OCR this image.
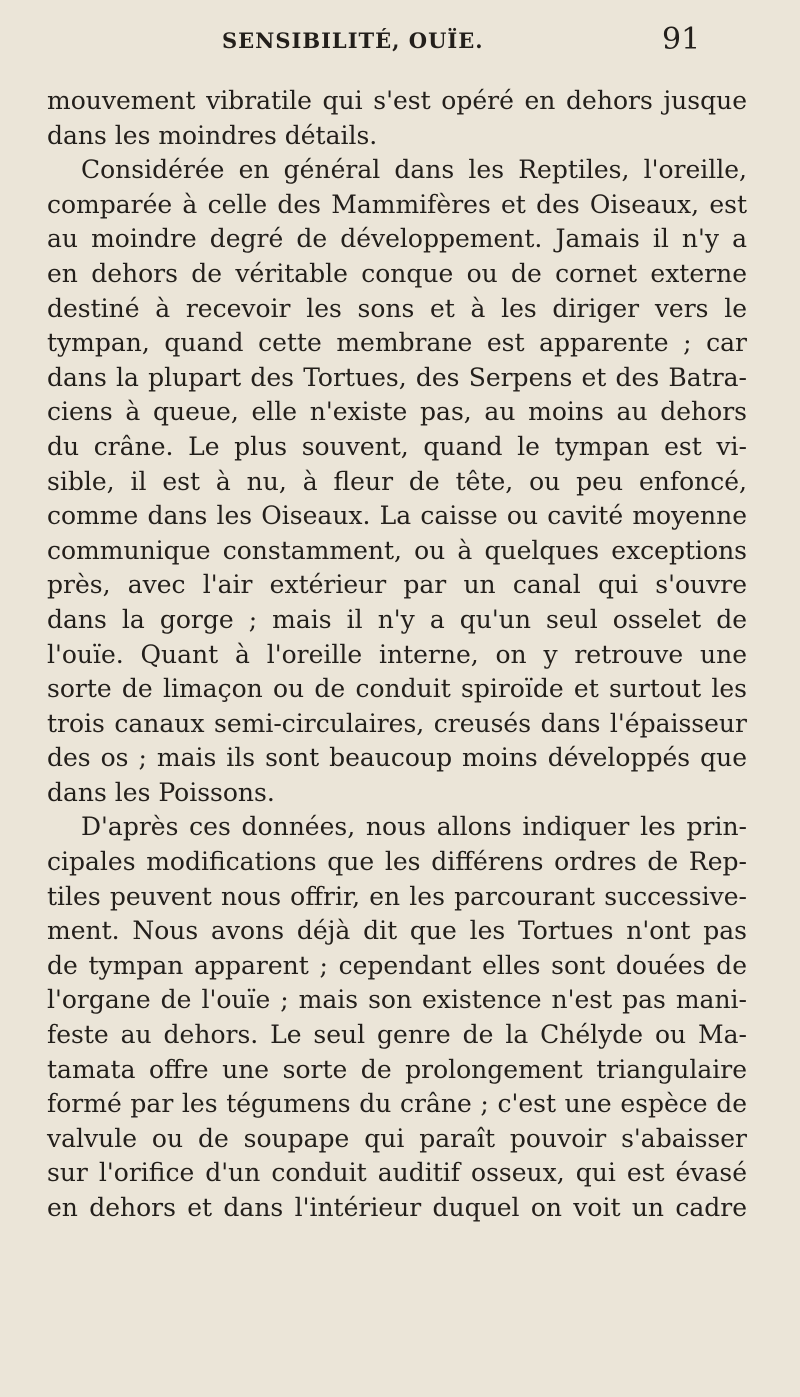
SENSIBILITÉ, OUÏE.	91
mouvement vibratile qui s'est opéré en dehors jusque
dans les moindres détails.
Considérée en général dans les Reptiles, l'oreille,
comparée à celle des Mammifères et des Oiseaux, est
au moindre degré de développement. Jamais il n'y a
en dehors de véritable conque ou de cornet externe
destiné à recevoir les sons et à les diriger vers le
tympan, quand cette membrane est apparente ; car
dans la plupart des Tortues, des Serpens et des Batra-
ciens à queue, elle n'existe pas, au moins au dehors
du crâne. Le plus souvent, quand le tympan est vi-
sible, il est à nu, à fleur de tête, ou peu enfoncé,
comme dans les Oiseaux. La caisse ou cavité moyenne
communique constamment, ou à quelques exceptions
près, avec l'air extérieur par un canal qui s'ouvre
dans la gorge ; mais il n'y a qu'un seul osselet de
l'ouïe. Quant à l'oreille interne, on y retrouve une
sorte de limaçon ou de conduit spiroïde et surtout les
trois canaux semi-circulaires, creusés dans l'épaisseur
des os ; mais ils sont beaucoup moins développés que
dans les Poissons.
D'après ces données, nous allons indiquer les prin-
cipales modifications que les différens ordres de Rep-
tiles peuvent nous offrir, en les parcourant successive-
ment. Nous avons déjà dit que les Tortues n'ont pas
de tympan apparent ; cependant elles sont douées de
l'organe de l'ouïe ; mais son existence n'est pas mani-
feste au dehors. Le seul genre de la Chélyde ou Ma-
tamata offre une sorte de prolongement triangulaire
formé par les tégumens du crâne ; c'est une espèce de
valvule ou de soupape qui paraît pouvoir s'abaisser
sur l'orifice d'un conduit auditif osseux, qui est évasé
en dehors et dans l'intérieur duquel on voit un cadre
